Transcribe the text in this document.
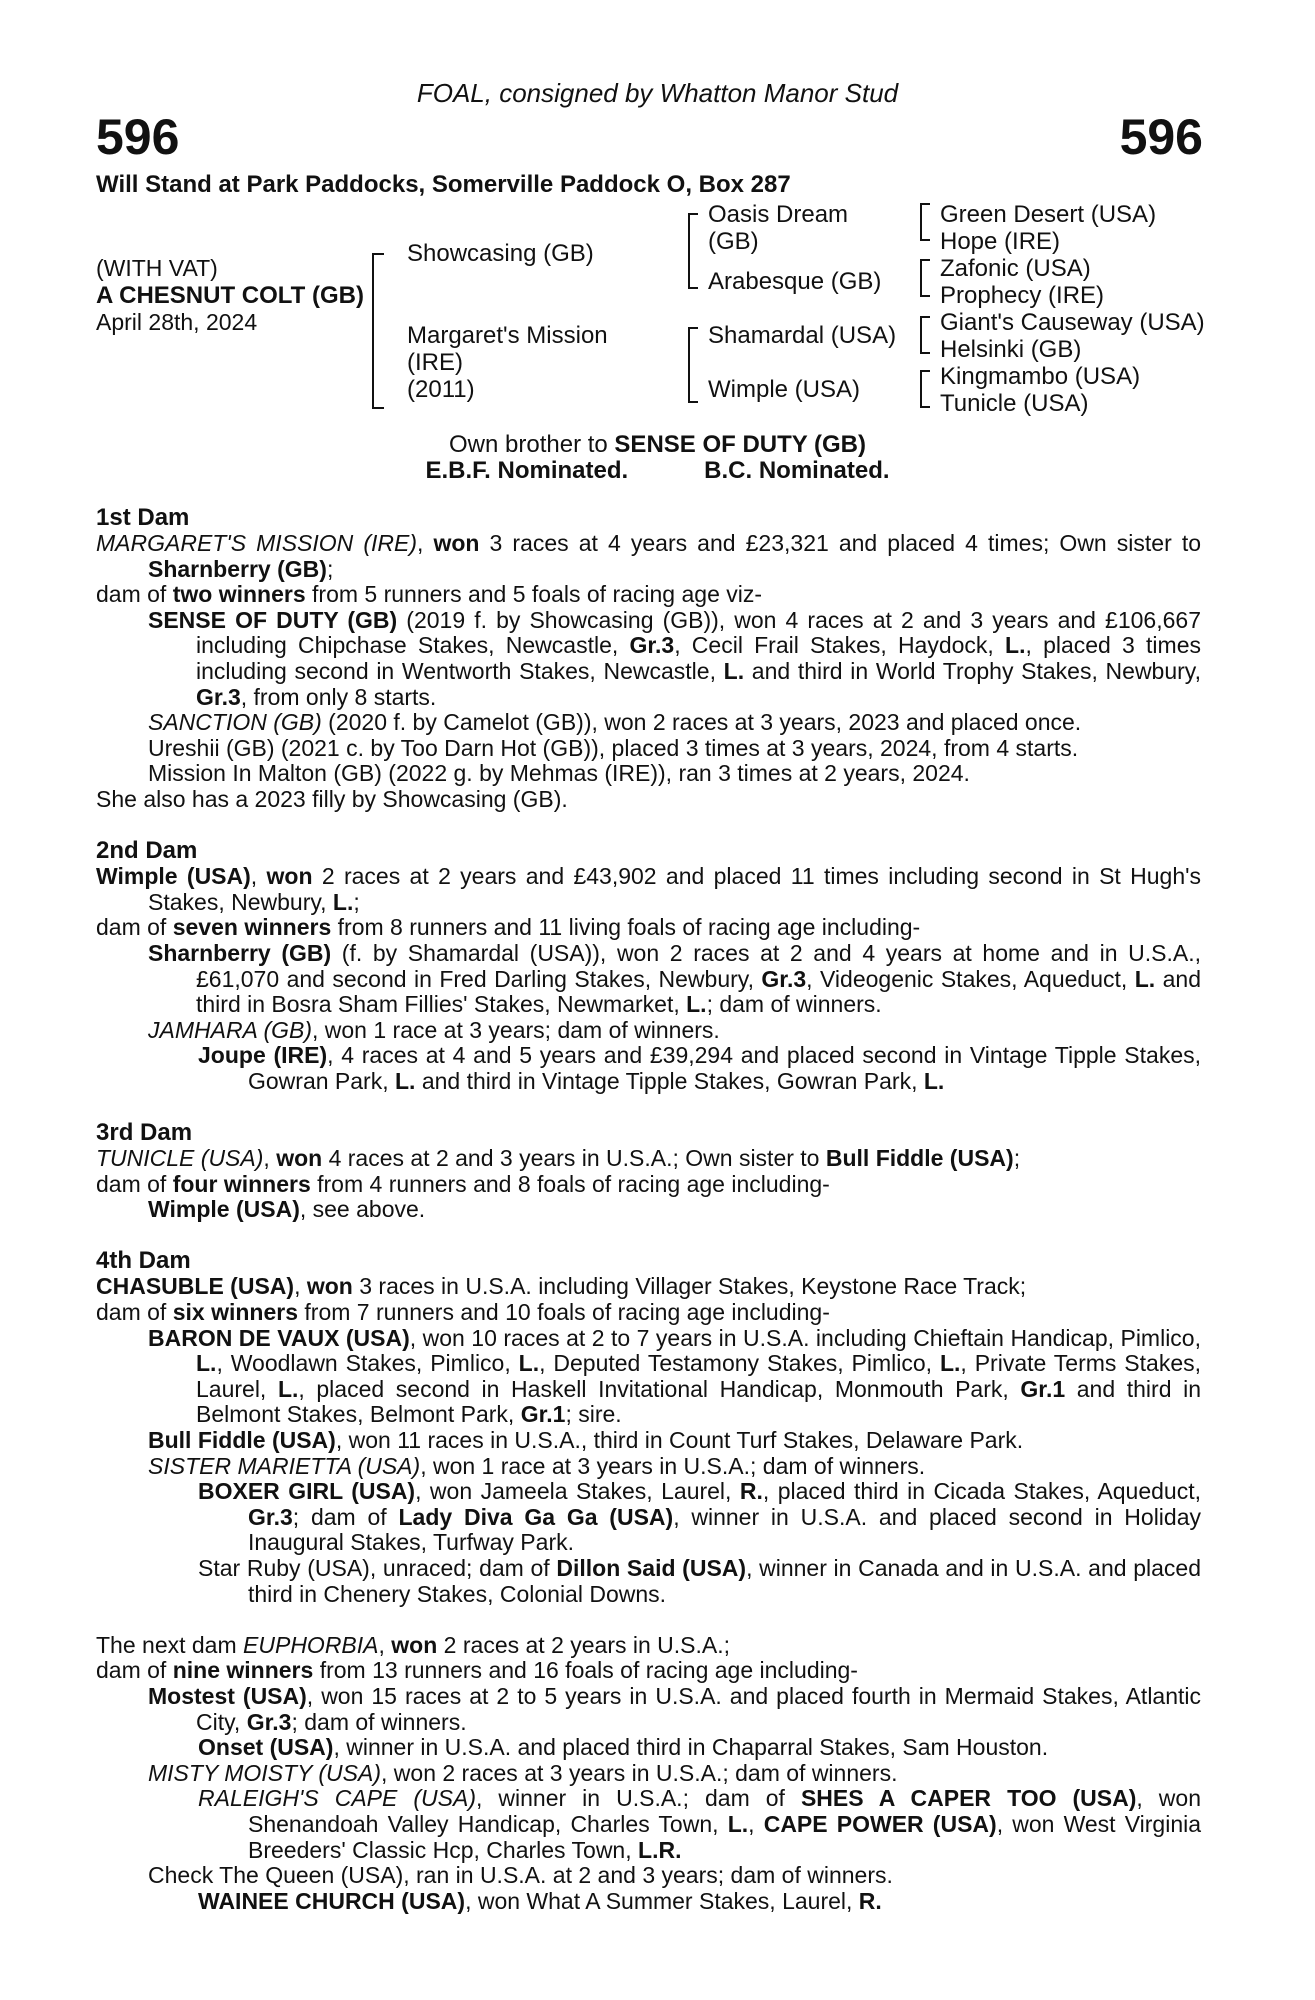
FOAL, consigned by Whatton Manor Stud
596	596
Will Stand at Park Paddocks, Somerville Paddock O, Box 287
(WITH VAT)
A CHESNUT COLT (GB)
April 28th, 2024
Showcasing (GB)
Margaret's Mission
(IRE)
(2011)
Oasis Dream
(GB)
Arabesque (GB)
Shamardal (USA)
Wimple (USA)
Green Desert (USA)
Hope (IRE)
Zafonic (USA)
Prophecy (IRE)
Giant's Causeway (USA)
Helsinki (GB)
Kingmambo (USA)
Tunicle (USA)
Own brother to SENSE OF DUTY (GB)
E.B.F. Nominated.	B.C. Nominated.
1st Dam

MARGARET'S MISSION (IRE), won 3 races at 4 years and £23,321 and placed 4 times; Own sister to Sharnberry (GB);

dam of two winners from 5 runners and 5 foals of racing age viz-

SENSE OF DUTY (GB) (2019 f. by Showcasing (GB)), won 4 races at 2 and 3 years and £106,667 including Chipchase Stakes, Newcastle, Gr.3, Cecil Frail Stakes, Haydock, L., placed 3 times including second in Wentworth Stakes, Newcastle, L. and third in World Trophy Stakes, Newbury, Gr.3, from only 8 starts.

SANCTION (GB) (2020 f. by Camelot (GB)), won 2 races at 3 years, 2023 and placed once.

Ureshii (GB) (2021 c. by Too Darn Hot (GB)), placed 3 times at 3 years, 2024, from 4 starts.

Mission In Malton (GB) (2022 g. by Mehmas (IRE)), ran 3 times at 2 years, 2024.

She also has a 2023 filly by Showcasing (GB).

2nd Dam

Wimple (USA), won 2 races at 2 years and £43,902 and placed 11 times including second in St Hugh's Stakes, Newbury, L.;

dam of seven winners from 8 runners and 11 living foals of racing age including-

Sharnberry (GB) (f. by Shamardal (USA)), won 2 races at 2 and 4 years at home and in U.S.A., £61,070 and second in Fred Darling Stakes, Newbury, Gr.3, Videogenic Stakes, Aqueduct, L. and third in Bosra Sham Fillies' Stakes, Newmarket, L.; dam of winners.

JAMHARA (GB), won 1 race at 3 years; dam of winners.

Joupe (IRE), 4 races at 4 and 5 years and £39,294 and placed second in Vintage Tipple Stakes, Gowran Park, L. and third in Vintage Tipple Stakes, Gowran Park, L.

3rd Dam

TUNICLE (USA), won 4 races at 2 and 3 years in U.S.A.; Own sister to Bull Fiddle (USA);

dam of four winners from 4 runners and 8 foals of racing age including-

Wimple (USA), see above.

4th Dam

CHASUBLE (USA), won 3 races in U.S.A. including Villager Stakes, Keystone Race Track;

dam of six winners from 7 runners and 10 foals of racing age including-

BARON DE VAUX (USA), won 10 races at 2 to 7 years in U.S.A. including Chieftain Handicap, Pimlico, L., Woodlawn Stakes, Pimlico, L., Deputed Testamony Stakes, Pimlico, L., Private Terms Stakes, Laurel, L., placed second in Haskell Invitational Handicap, Monmouth Park, Gr.1 and third in Belmont Stakes, Belmont Park, Gr.1; sire.

Bull Fiddle (USA), won 11 races in U.S.A., third in Count Turf Stakes, Delaware Park.

SISTER MARIETTA (USA), won 1 race at 3 years in U.S.A.; dam of winners.

BOXER GIRL (USA), won Jameela Stakes, Laurel, R., placed third in Cicada Stakes, Aqueduct, Gr.3; dam of Lady Diva Ga Ga (USA), winner in U.S.A. and placed second in Holiday Inaugural Stakes, Turfway Park.

Star Ruby (USA), unraced; dam of Dillon Said (USA), winner in Canada and in U.S.A. and placed third in Chenery Stakes, Colonial Downs.

The next dam EUPHORBIA, won 2 races at 2 years in U.S.A.;

dam of nine winners from 13 runners and 16 foals of racing age including-

Mostest (USA), won 15 races at 2 to 5 years in U.S.A. and placed fourth in Mermaid Stakes, Atlantic City, Gr.3; dam of winners.

Onset (USA), winner in U.S.A. and placed third in Chaparral Stakes, Sam Houston.

MISTY MOISTY (USA), won 2 races at 3 years in U.S.A.; dam of winners.

RALEIGH'S CAPE (USA), winner in U.S.A.; dam of SHES A CAPER TOO (USA), won Shenandoah Valley Handicap, Charles Town, L., CAPE POWER (USA), won West Virginia Breeders' Classic Hcp, Charles Town, L.R.

Check The Queen (USA), ran in U.S.A. at 2 and 3 years; dam of winners.

WAINEE CHURCH (USA), won What A Summer Stakes, Laurel, R.
